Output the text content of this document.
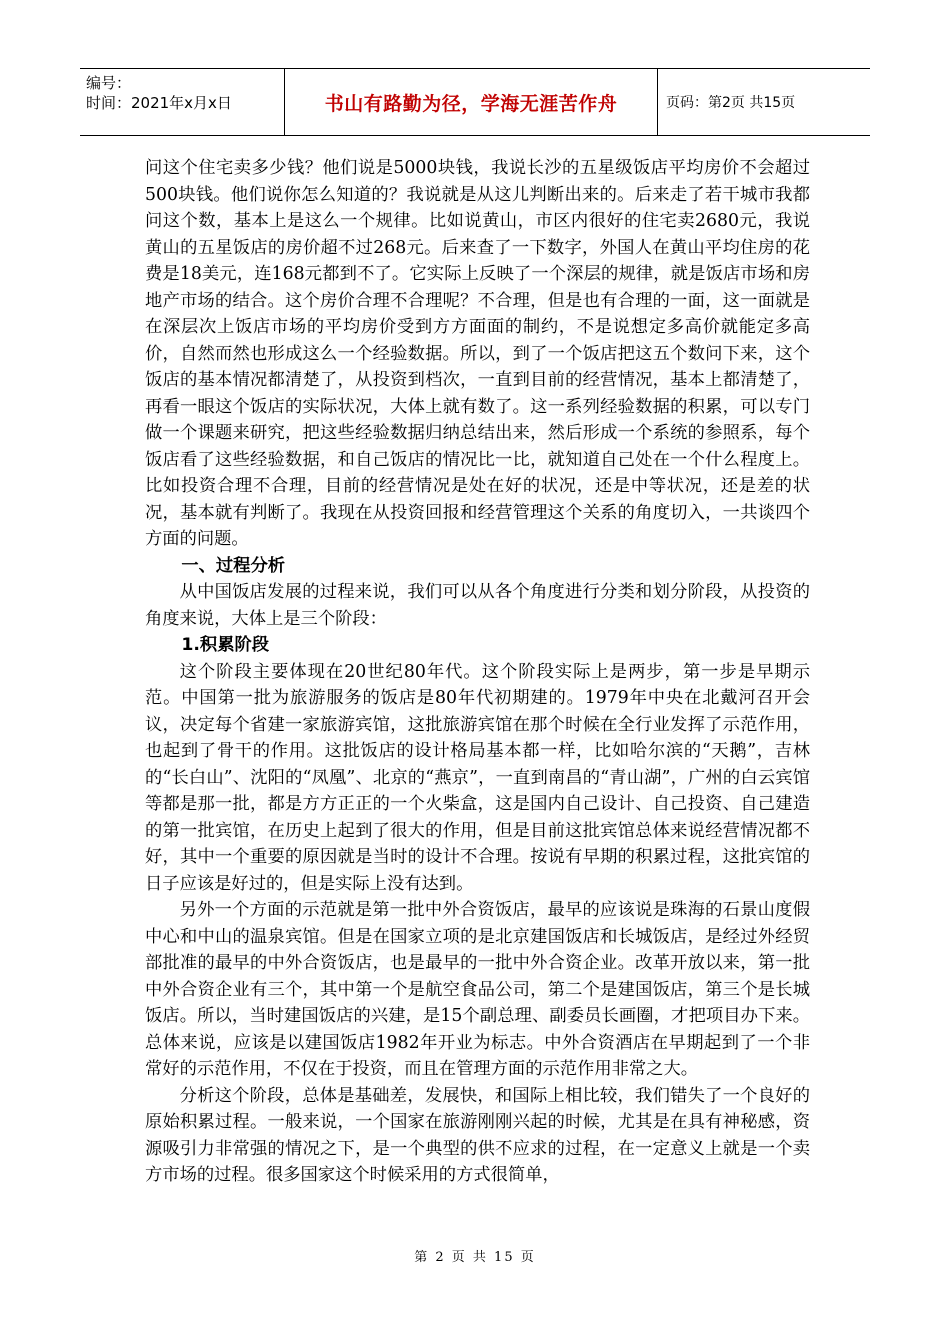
编号：
时间：2021年x月x日	书山有路勤为径，学海无涯苦作舟	页码：第2页 共15页

问这个住宅卖多少钱？他们说是5000块钱，我说长沙的五星级饭店平均房价不会超过500块钱。他们说你怎么知道的？我说就是从这儿判断出来的。后来走了若干城市我都问这个数，基本上是这么一个规律。比如说黄山，市区内很好的住宅卖2680元，我说黄山的五星饭店的房价超不过268元。后来查了一下数字，外国人在黄山平均住房的花费是18美元，连168元都到不了。它实际上反映了一个深层的规律，就是饭店市场和房地产市场的结合。这个房价合理不合理呢？不合理，但是也有合理的一面，这一面就是在深层次上饭店市场的平均房价受到方方面面的制约，不是说想定多高价就能定多高价，自然而然也形成这么一个经验数据。所以，到了一个饭店把这五个数问下来，这个饭店的基本情况都清楚了，从投资到档次，一直到目前的经营情况，基本上都清楚了，再看一眼这个饭店的实际状况，大体上就有数了。这一系列经验数据的积累，可以专门做一个课题来研究，把这些经验数据归纳总结出来，然后形成一个系统的参照系，每个饭店看了这些经验数据，和自己饭店的情况比一比，就知道自己处在一个什么程度上。比如投资合理不合理，目前的经营情况是处在好的状况，还是中等状况，还是差的状况，基本就有判断了。我现在从投资回报和经营管理这个关系的角度切入，一共谈四个方面的问题。

一、过程分析

从中国饭店发展的过程来说，我们可以从各个角度进行分类和划分阶段，从投资的角度来说，大体上是三个阶段：

1.积累阶段

这个阶段主要体现在20世纪80年代。这个阶段实际上是两步，第一步是早期示范。中国第一批为旅游服务的饭店是80年代初期建的。1979年中央在北戴河召开会议，决定每个省建一家旅游宾馆，这批旅游宾馆在那个时候在全行业发挥了示范作用，也起到了骨干的作用。这批饭店的设计格局基本都一样，比如哈尔滨的“天鹅”，吉林的“长白山”、沈阳的“凤凰”、北京的“燕京”，一直到南昌的“青山湖”，广州的白云宾馆等都是那一批，都是方方正正的一个火柴盒，这是国内自己设计、自己投资、自己建造的第一批宾馆，在历史上起到了很大的作用，但是目前这批宾馆总体来说经营情况都不好，其中一个重要的原因就是当时的设计不合理。按说有早期的积累过程，这批宾馆的日子应该是好过的，但是实际上没有达到。

另外一个方面的示范就是第一批中外合资饭店，最早的应该说是珠海的石景山度假中心和中山的温泉宾馆。但是在国家立项的是北京建国饭店和长城饭店，是经过外经贸部批准的最早的中外合资饭店，也是最早的一批中外合资企业。改革开放以来，第一批中外合资企业有三个，其中第一个是航空食品公司，第二个是建国饭店，第三个是长城饭店。所以，当时建国饭店的兴建，是15个副总理、副委员长画圈，才把项目办下来。总体来说，应该是以建国饭店1982年开业为标志。中外合资酒店在早期起到了一个非常好的示范作用，不仅在于投资，而且在管理方面的示范作用非常之大。

分析这个阶段，总体是基础差，发展快，和国际上相比较，我们错失了一个良好的原始积累过程。一般来说，一个国家在旅游刚刚兴起的时候，尤其是在具有神秘感，资源吸引力非常强的情况之下，是一个典型的供不应求的过程，在一定意义上就是一个卖方市场的过程。很多国家这个时候采用的方式很简单，

第 2 页 共 15 页
